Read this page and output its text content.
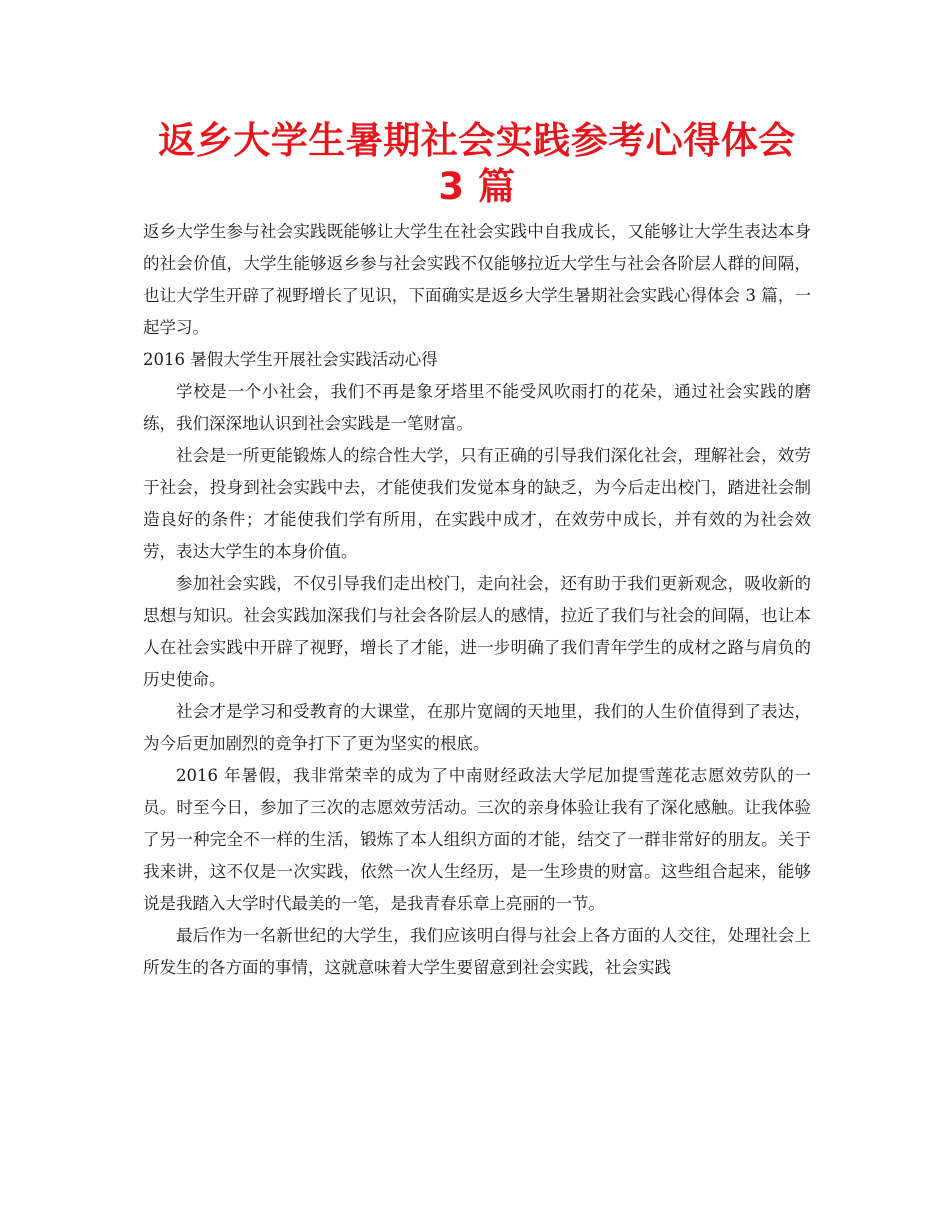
返乡大学生暑期社会实践参考心得体会 3 篇

返乡大学生参与社会实践既能够让大学生在社会实践中自我成长，又能够让大学生表达本身的社会价值，大学生能够返乡参与社会实践不仅能够拉近大学生与社会各阶层人群的间隔，也让大学生开辟了视野增长了见识，下面确实是返乡大学生暑期社会实践心得体会 3 篇，一起学习。

2016 暑假大学生开展社会实践活动心得

学校是一个小社会，我们不再是象牙塔里不能受风吹雨打的花朵，通过社会实践的磨练，我们深深地认识到社会实践是一笔财富。

社会是一所更能锻炼人的综合性大学，只有正确的引导我们深化社会，理解社会，效劳于社会，投身到社会实践中去，才能使我们发觉本身的缺乏，为今后走出校门，踏进社会制造良好的条件；才能使我们学有所用，在实践中成才，在效劳中成长，并有效的为社会效劳，表达大学生的本身价值。

参加社会实践，不仅引导我们走出校门，走向社会，还有助于我们更新观念，吸收新的思想与知识。社会实践加深我们与社会各阶层人的感情，拉近了我们与社会的间隔，也让本人在社会实践中开辟了视野，增长了才能，进一步明确了我们青年学生的成材之路与肩负的历史使命。

社会才是学习和受教育的大课堂，在那片宽阔的天地里，我们的人生价值得到了表达，为今后更加剧烈的竞争打下了更为坚实的根底。

2016 年暑假，我非常荣幸的成为了中南财经政法大学尼加提雪莲花志愿效劳队的一员。时至今日，参加了三次的志愿效劳活动。三次的亲身体验让我有了深化感触。让我体验了另一种完全不一样的生活，锻炼了本人组织方面的才能，结交了一群非常好的朋友。关于我来讲，这不仅是一次实践，依然一次人生经历，是一生珍贵的财富。这些组合起来，能够说是我踏入大学时代最美的一笔，是我青春乐章上亮丽的一节。

最后作为一名新世纪的大学生，我们应该明白得与社会上各方面的人交往，处理社会上所发生的各方面的事情，这就意味着大学生要留意到社会实践，社会实践
